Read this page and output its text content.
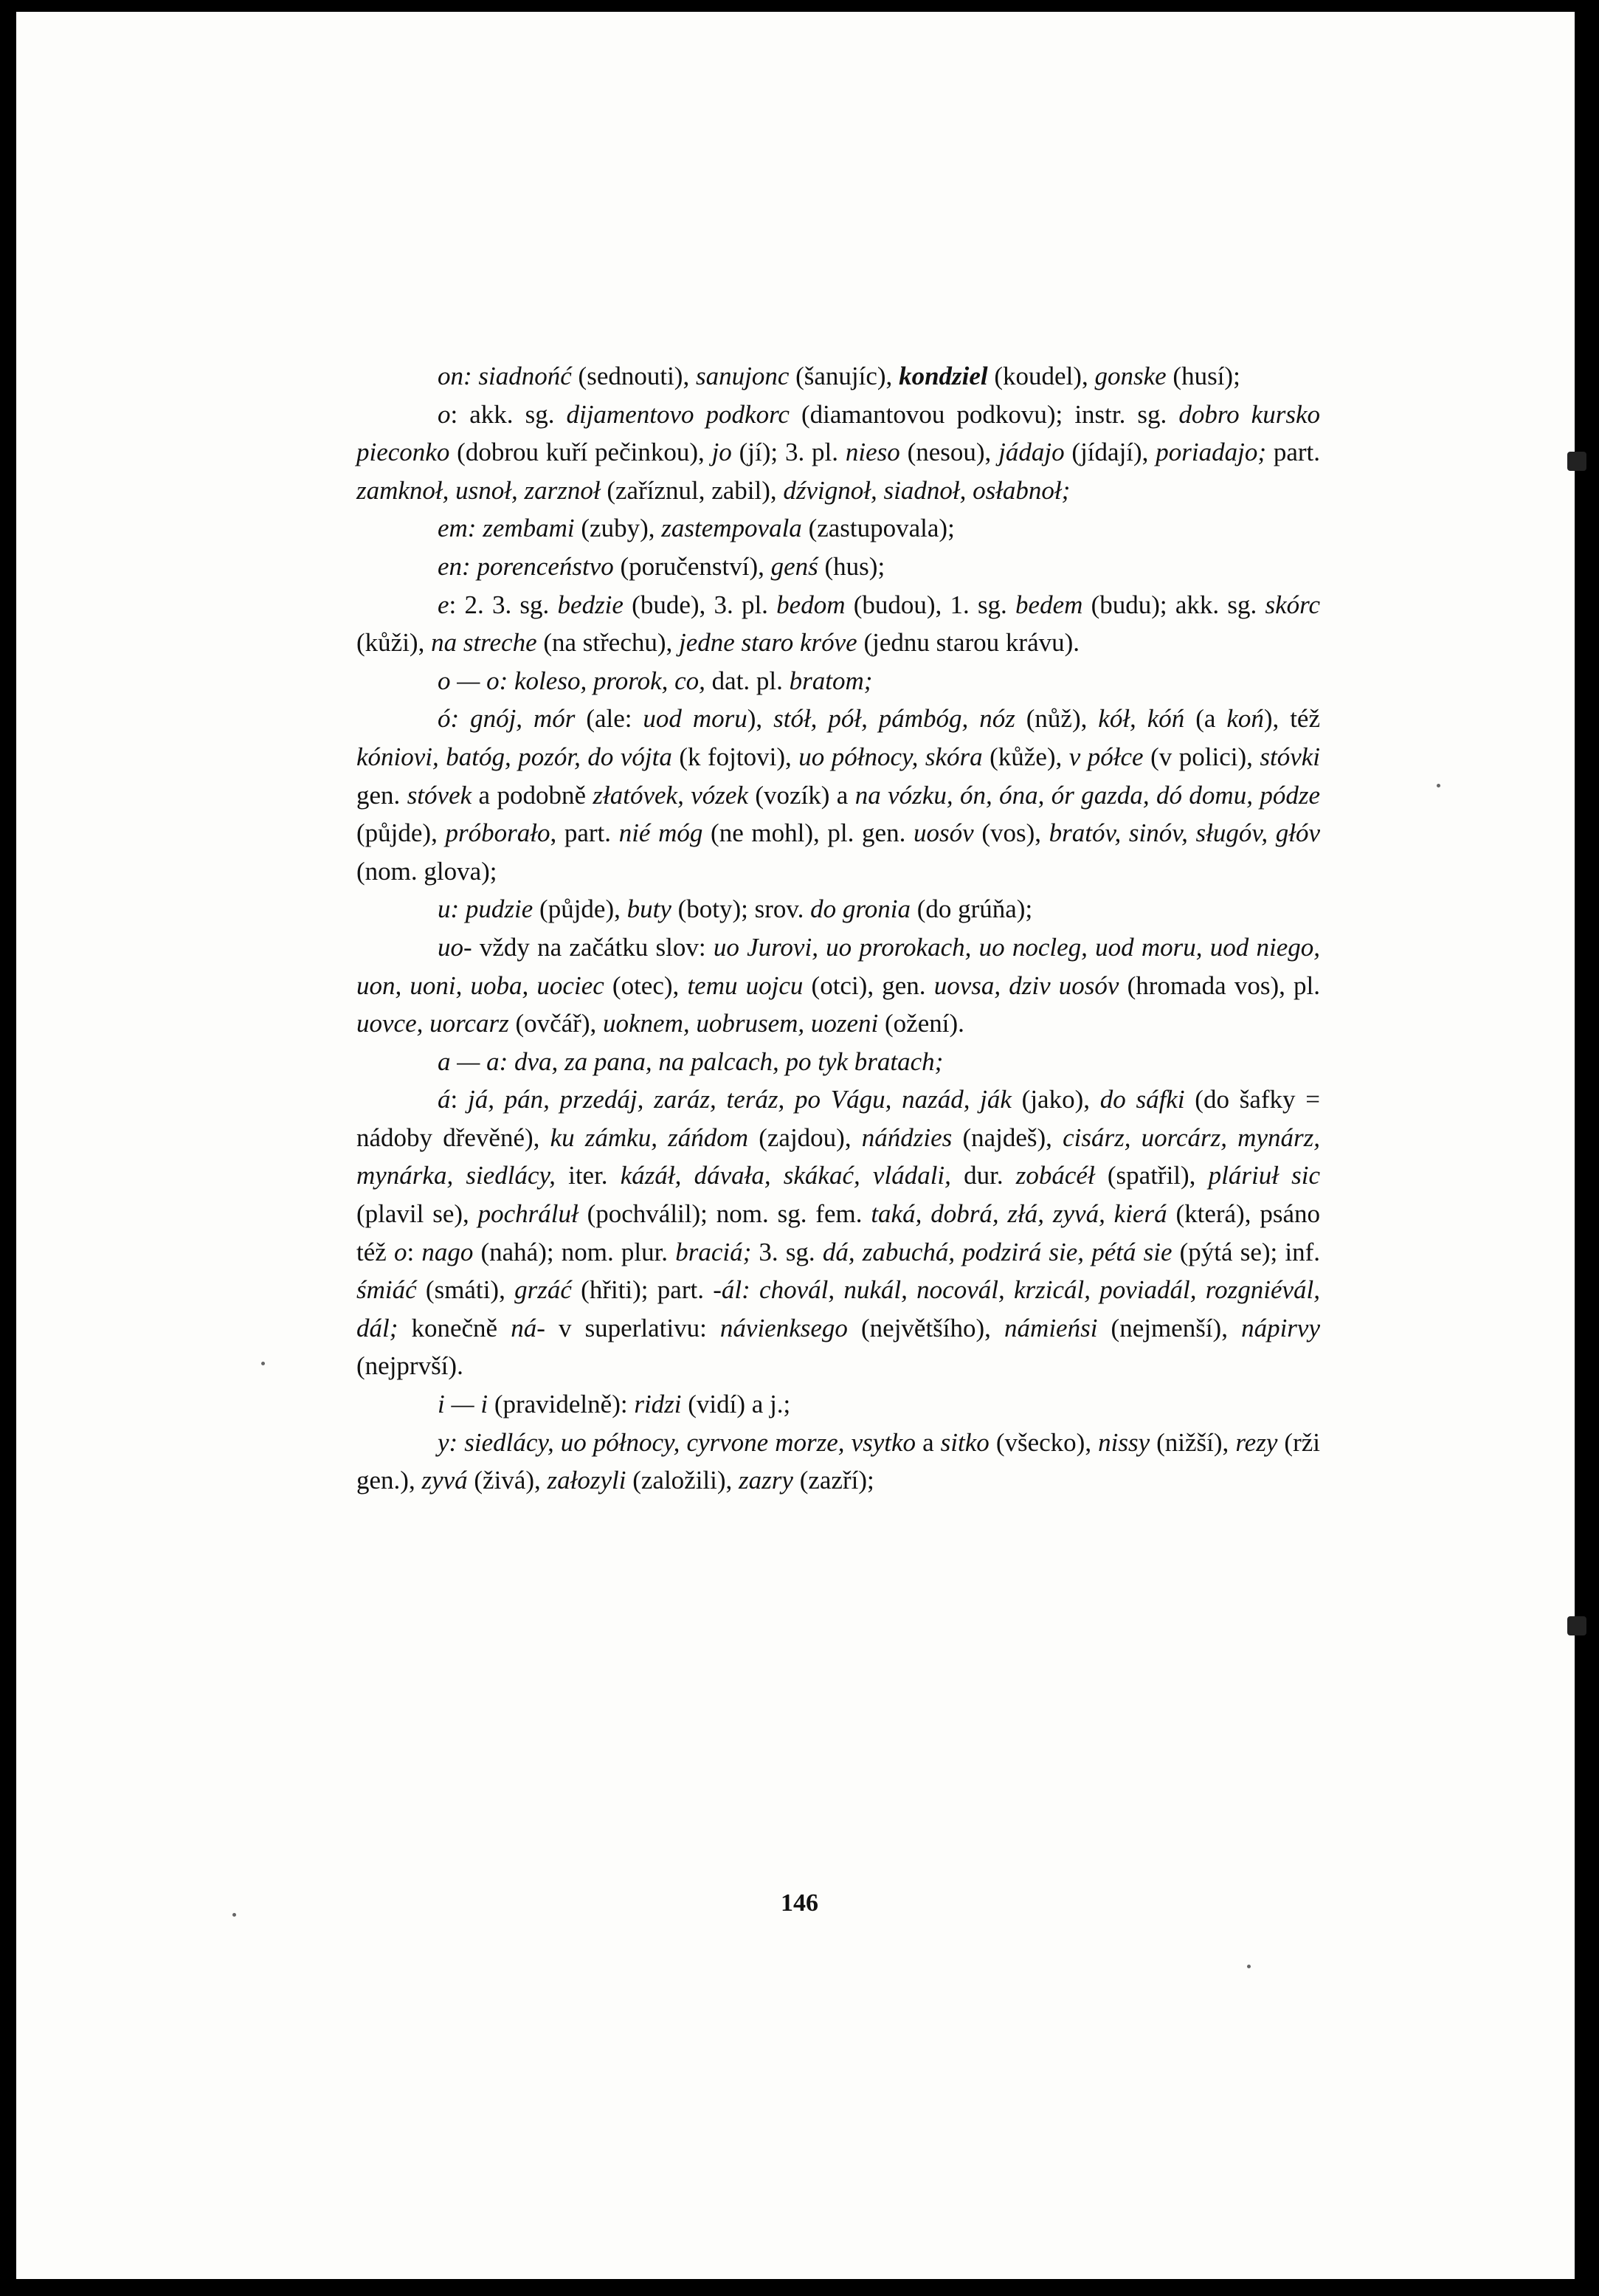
on: siadnońć (sednouti), sanujonc (šanujíc), kondziel (koudel), gonske (husí);

o: akk. sg. dijamentovo podkorc (diamantovou podkovu); instr. sg. dobro kursko pieconko (dobrou kuří pečinkou), jo (jí); 3. pl. nieso (nesou), jádajo (jídají), poriadajo; part. zamknoł, usnoł, zarznoł (zaříznul, zabil), dźvignoł, siadnoł, osłabnoł;

em: zembami (zuby), zastempovala (zastupovala);

en: porenceństvo (poručenství), genś (hus);

e: 2. 3. sg. bedzie (bude), 3. pl. bedom (budou), 1. sg. bedem (budu); akk. sg. skórc (kůži), na streche (na střechu), jedne staro króve (jednu starou krávu).

o — o: koleso, prorok, co, dat. pl. bratom;

ó: gnój, mór (ale: uod moru), stół, pół, pámbóg, nóz (nůž), kół, kóń (a koń), též kóniovi, batóg, pozór, do vójta (k fojtovi), uo północy, skóra (kůže), v półce (v polici), stóvki gen. stóvek a podobně złatóvek, vózek (vozík) a na vózku, ón, óna, ór gazda, dó domu, pódze (půjde), próborało, part. nié móg (ne mohl), pl. gen. uosóv (vos), bratóv, sinóv, sługóv, głóv (nom. glova);

u: pudzie (půjde), buty (boty); srov. do gronia (do grúňa);

uo- vždy na začátku slov: uo Jurovi, uo prorokach, uo nocleg, uod moru, uod niego, uon, uoni, uoba, uociec (otec), temu uojcu (otci), gen. uovsa, dziv uosóv (hromada vos), pl. uovce, uorcarz (ovčář), uoknem, uobrusem, uozeni (ožení).

a — a: dva, za pana, na palcach, po tyk bratach;

á: já, pán, przedáj, zaráz, teráz, po Vágu, nazád, ják (jako), do sáfki (do šafky = nádoby dřevěné), ku zámku, záńdom (zajdou), náńdzies (najdeš), cisárz, uorcárz, mynárz, mynárka, siedlácy, iter. kázáł, dávała, skákać, vládali, dur. zobácéł (spatřil), pláriuł sic (plavil se), pochráluł (pochválil); nom. sg. fem. taká, dobrá, złá, zyvá, kierá (která), psáno též o: nago (nahá); nom. plur. braciá; 3. sg. dá, zabuchá, podzirá sie, pétá sie (pýtá se); inf. śmiáć (smáti), grzáć (hřiti); part. -ál: chovál, nukál, nocovál, krzicál, poviadál, rozgniévál, dál; konečně ná- v superlativu: návienksego (největšího), námieńsi (nejmenší), nápirvy (nejprvší).

i — i (pravidelně): ridzi (vidí) a j.;

y: siedlácy, uo północy, cyrvone morze, vsytko a sitko (všecko), nissy (nižší), rezy (rži gen.), zyvá (živá), załozyli (založili), zazry (zazří);

146
